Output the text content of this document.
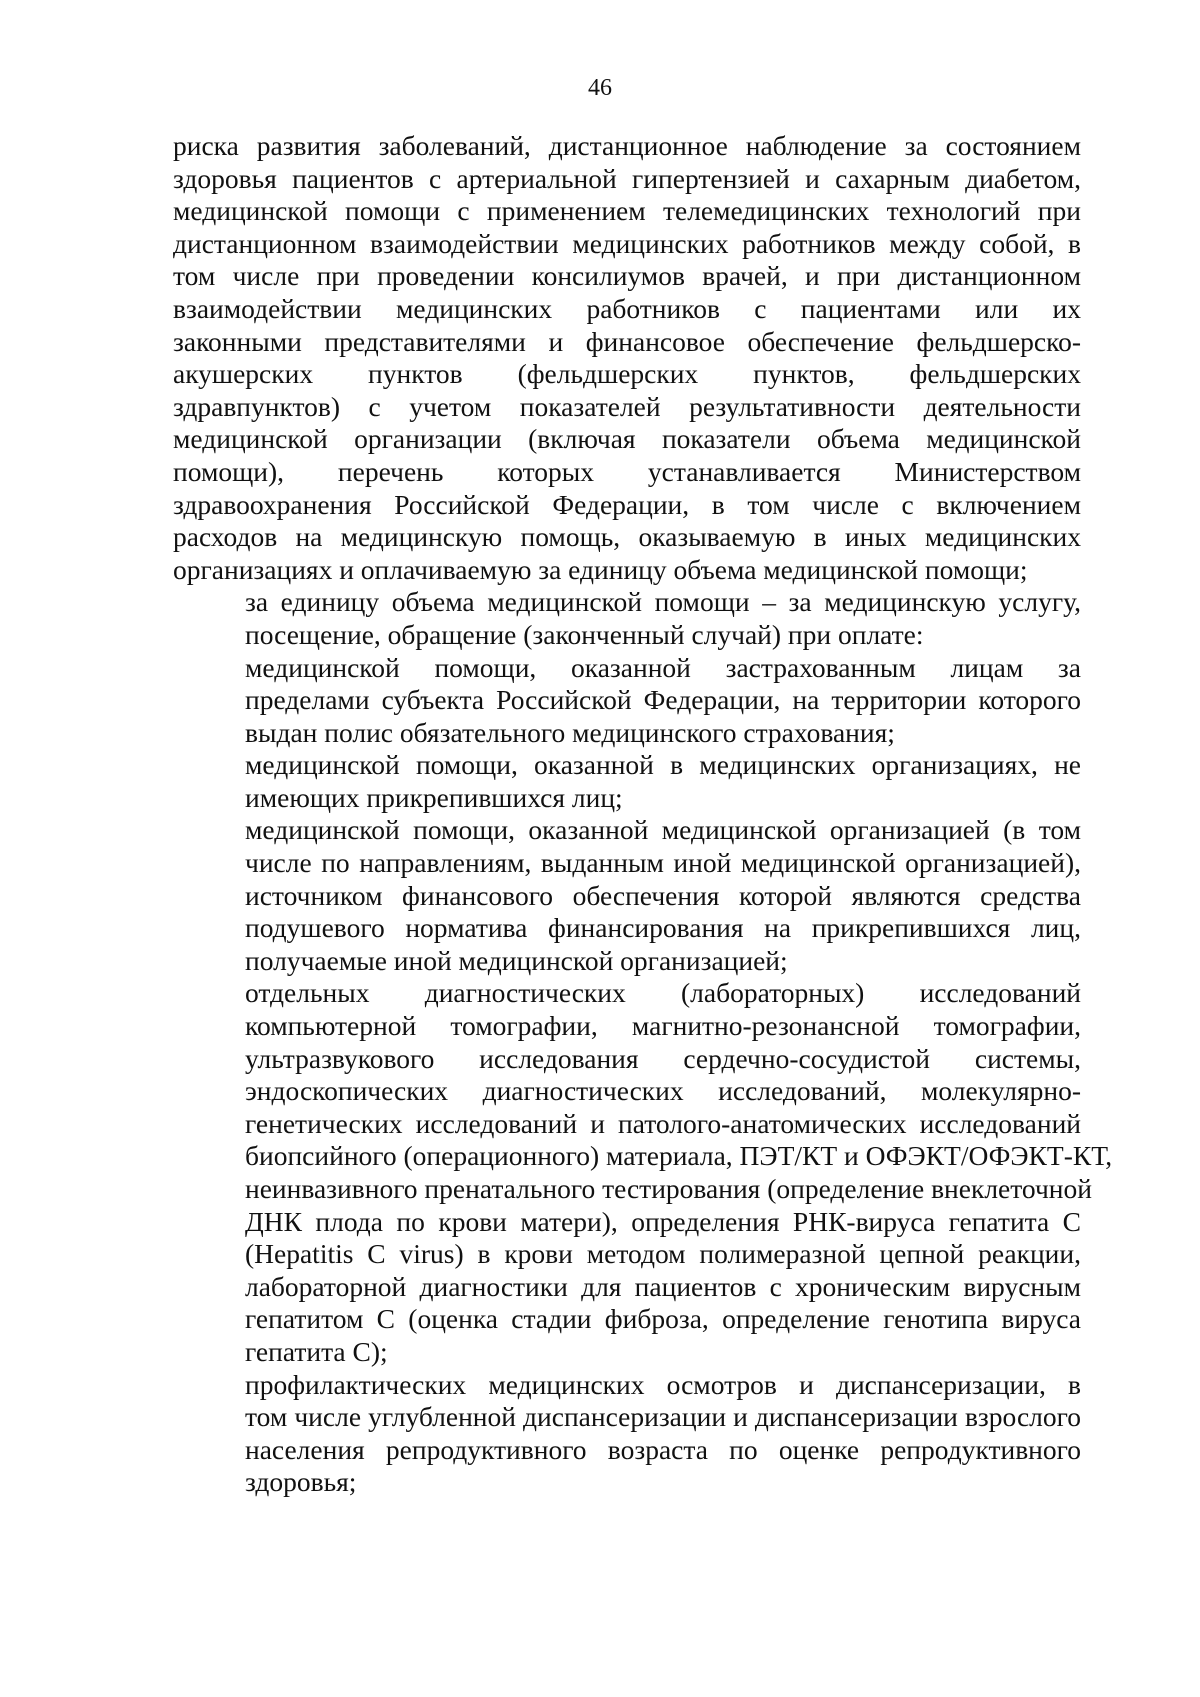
46
риска развития заболеваний, дистанционное наблюдение за состоянием
здоровья пациентов с артериальной гипертензией и сахарным диабетом,
медицинской помощи с применением телемедицинских технологий при
дистанционном взаимодействии медицинских работников между собой, в
том числе при проведении консилиумов врачей, и при дистанционном
взаимодействии медицинских работников с пациентами или их
законными представителями и финансовое обеспечение фельдшерско-
акушерских пунктов (фельдшерских пунктов, фельдшерских
здравпунктов) с учетом показателей результативности деятельности
медицинской организации (включая показатели объема медицинской
помощи), перечень которых устанавливается Министерством
здравоохранения Российской Федерации, в том числе с включением
расходов на медицинскую помощь, оказываемую в иных медицинских
организациях и оплачиваемую за единицу объема медицинской помощи;
за единицу объема медицинской помощи – за медицинскую услугу,
посещение, обращение (законченный случай) при оплате:
медицинской помощи, оказанной застрахованным лицам за
пределами субъекта Российской Федерации, на территории которого
выдан полис обязательного медицинского страхования;
медицинской помощи, оказанной в медицинских организациях, не
имеющих прикрепившихся лиц;
медицинской помощи, оказанной медицинской организацией (в том
числе по направлениям, выданным иной медицинской организацией),
источником финансового обеспечения которой являются средства
подушевого норматива финансирования на прикрепившихся лиц,
получаемые иной медицинской организацией;
отдельных диагностических (лабораторных) исследований
компьютерной томографии, магнитно-резонансной томографии,
ультразвукового исследования сердечно-сосудистой системы,
эндоскопических диагностических исследований, молекулярно-
генетических исследований и патолого-анатомических исследований
биопсийного (операционного) материала, ПЭТ/КТ и ОФЭКТ/ОФЭКТ-КТ,
неинвазивного пренатального тестирования (определение внеклеточной
ДНК плода по крови матери), определения РНК-вируса гепатита С
(Hepatitis C virus) в крови методом полимеразной цепной реакции,
лабораторной диагностики для пациентов с хроническим вирусным
гепатитом С (оценка стадии фиброза, определение генотипа вируса
гепатита С);
профилактических медицинских осмотров и диспансеризации, в
том числе углубленной диспансеризации и диспансеризации взрослого
населения репродуктивного возраста по оценке репродуктивного
здоровья;
